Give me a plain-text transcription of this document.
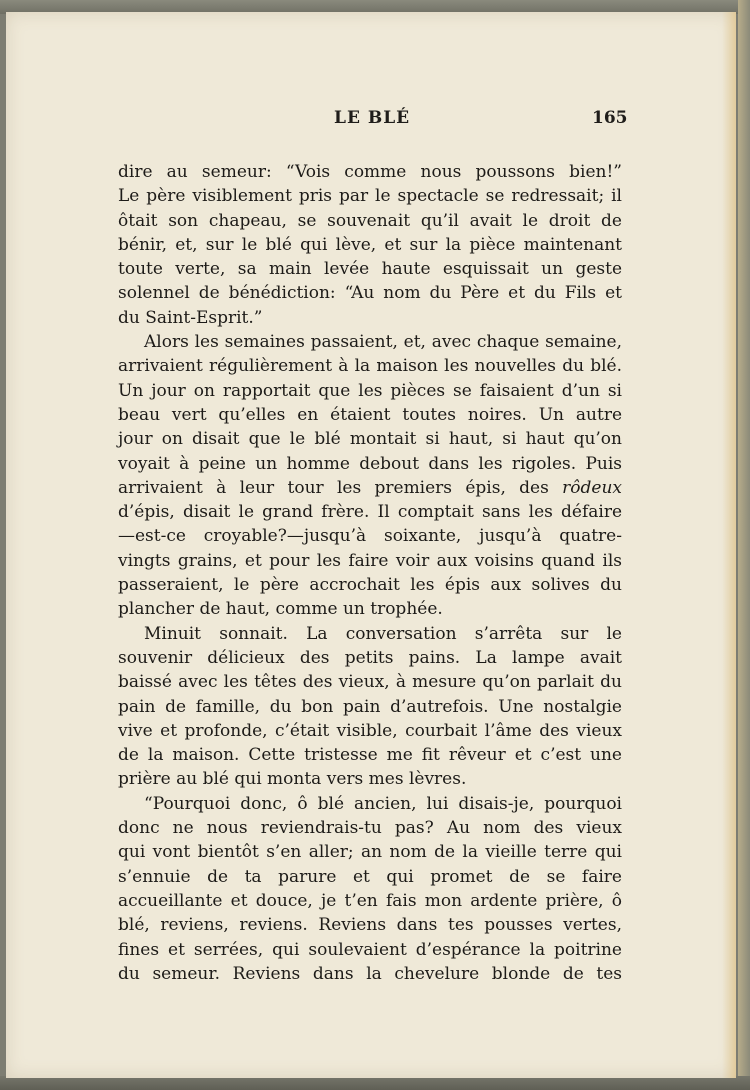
LE BLÉ	165
dire au semeur: “Vois comme nous poussons bien!”
Le père visiblement pris par le spectacle se redressait; il
ôtait son chapeau, se souvenait qu’il avait le droit de
bénir, et, sur le blé qui lève, et sur la pièce maintenant
toute verte, sa main levée haute esquissait un geste
solennel de bénédiction: “Au nom du Père et du Fils et
du Saint-Esprit.”
Alors les semaines passaient, et, avec chaque semaine,
arrivaient régulièrement à la maison les nouvelles du blé.
Un jour on rapportait que les pièces se faisaient d’un si
beau vert qu’elles en étaient toutes noires. Un autre
jour on disait que le blé montait si haut, si haut qu’on
voyait à peine un homme debout dans les rigoles. Puis
arrivaient à leur tour les premiers épis, des rôdeux
d’épis, disait le grand frère. Il comptait sans les défaire
—est-ce croyable?—jusqu’à soixante, jusqu’à quatre-
vingts grains, et pour les faire voir aux voisins quand ils
passeraient, le père accrochait les épis aux solives du
plancher de haut, comme un trophée.
Minuit sonnait. La conversation s’arrêta sur le
souvenir délicieux des petits pains. La lampe avait
baissé avec les têtes des vieux, à mesure qu’on parlait du
pain de famille, du bon pain d’autrefois. Une nostalgie
vive et profonde, c’était visible, courbait l’âme des vieux
de la maison. Cette tristesse me fit rêveur et c’est une
prière au blé qui monta vers mes lèvres.
“Pourquoi donc, ô blé ancien, lui disais-je, pourquoi
donc ne nous reviendrais-tu pas? Au nom des vieux
qui vont bientôt s’en aller; an nom de la vieille terre qui
s’ennuie de ta parure et qui promet de se faire
accueillante et douce, je t’en fais mon ardente prière, ô
blé, reviens, reviens. Reviens dans tes pousses vertes,
fines et serrées, qui soulevaient d’espérance la poitrine
du semeur. Reviens dans la chevelure blonde de tes
